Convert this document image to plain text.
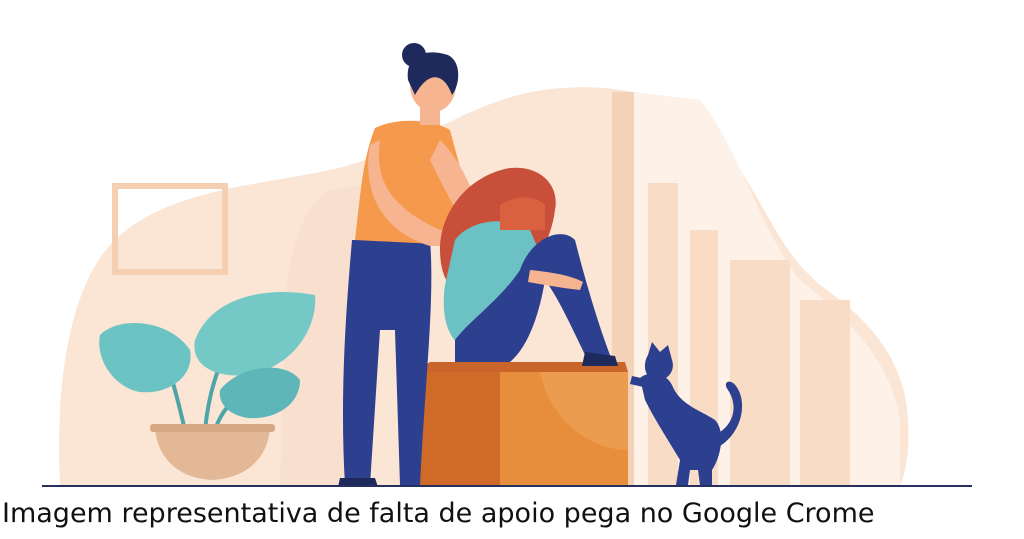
Imagem representativa de falta de apoio pega no Google Crome
